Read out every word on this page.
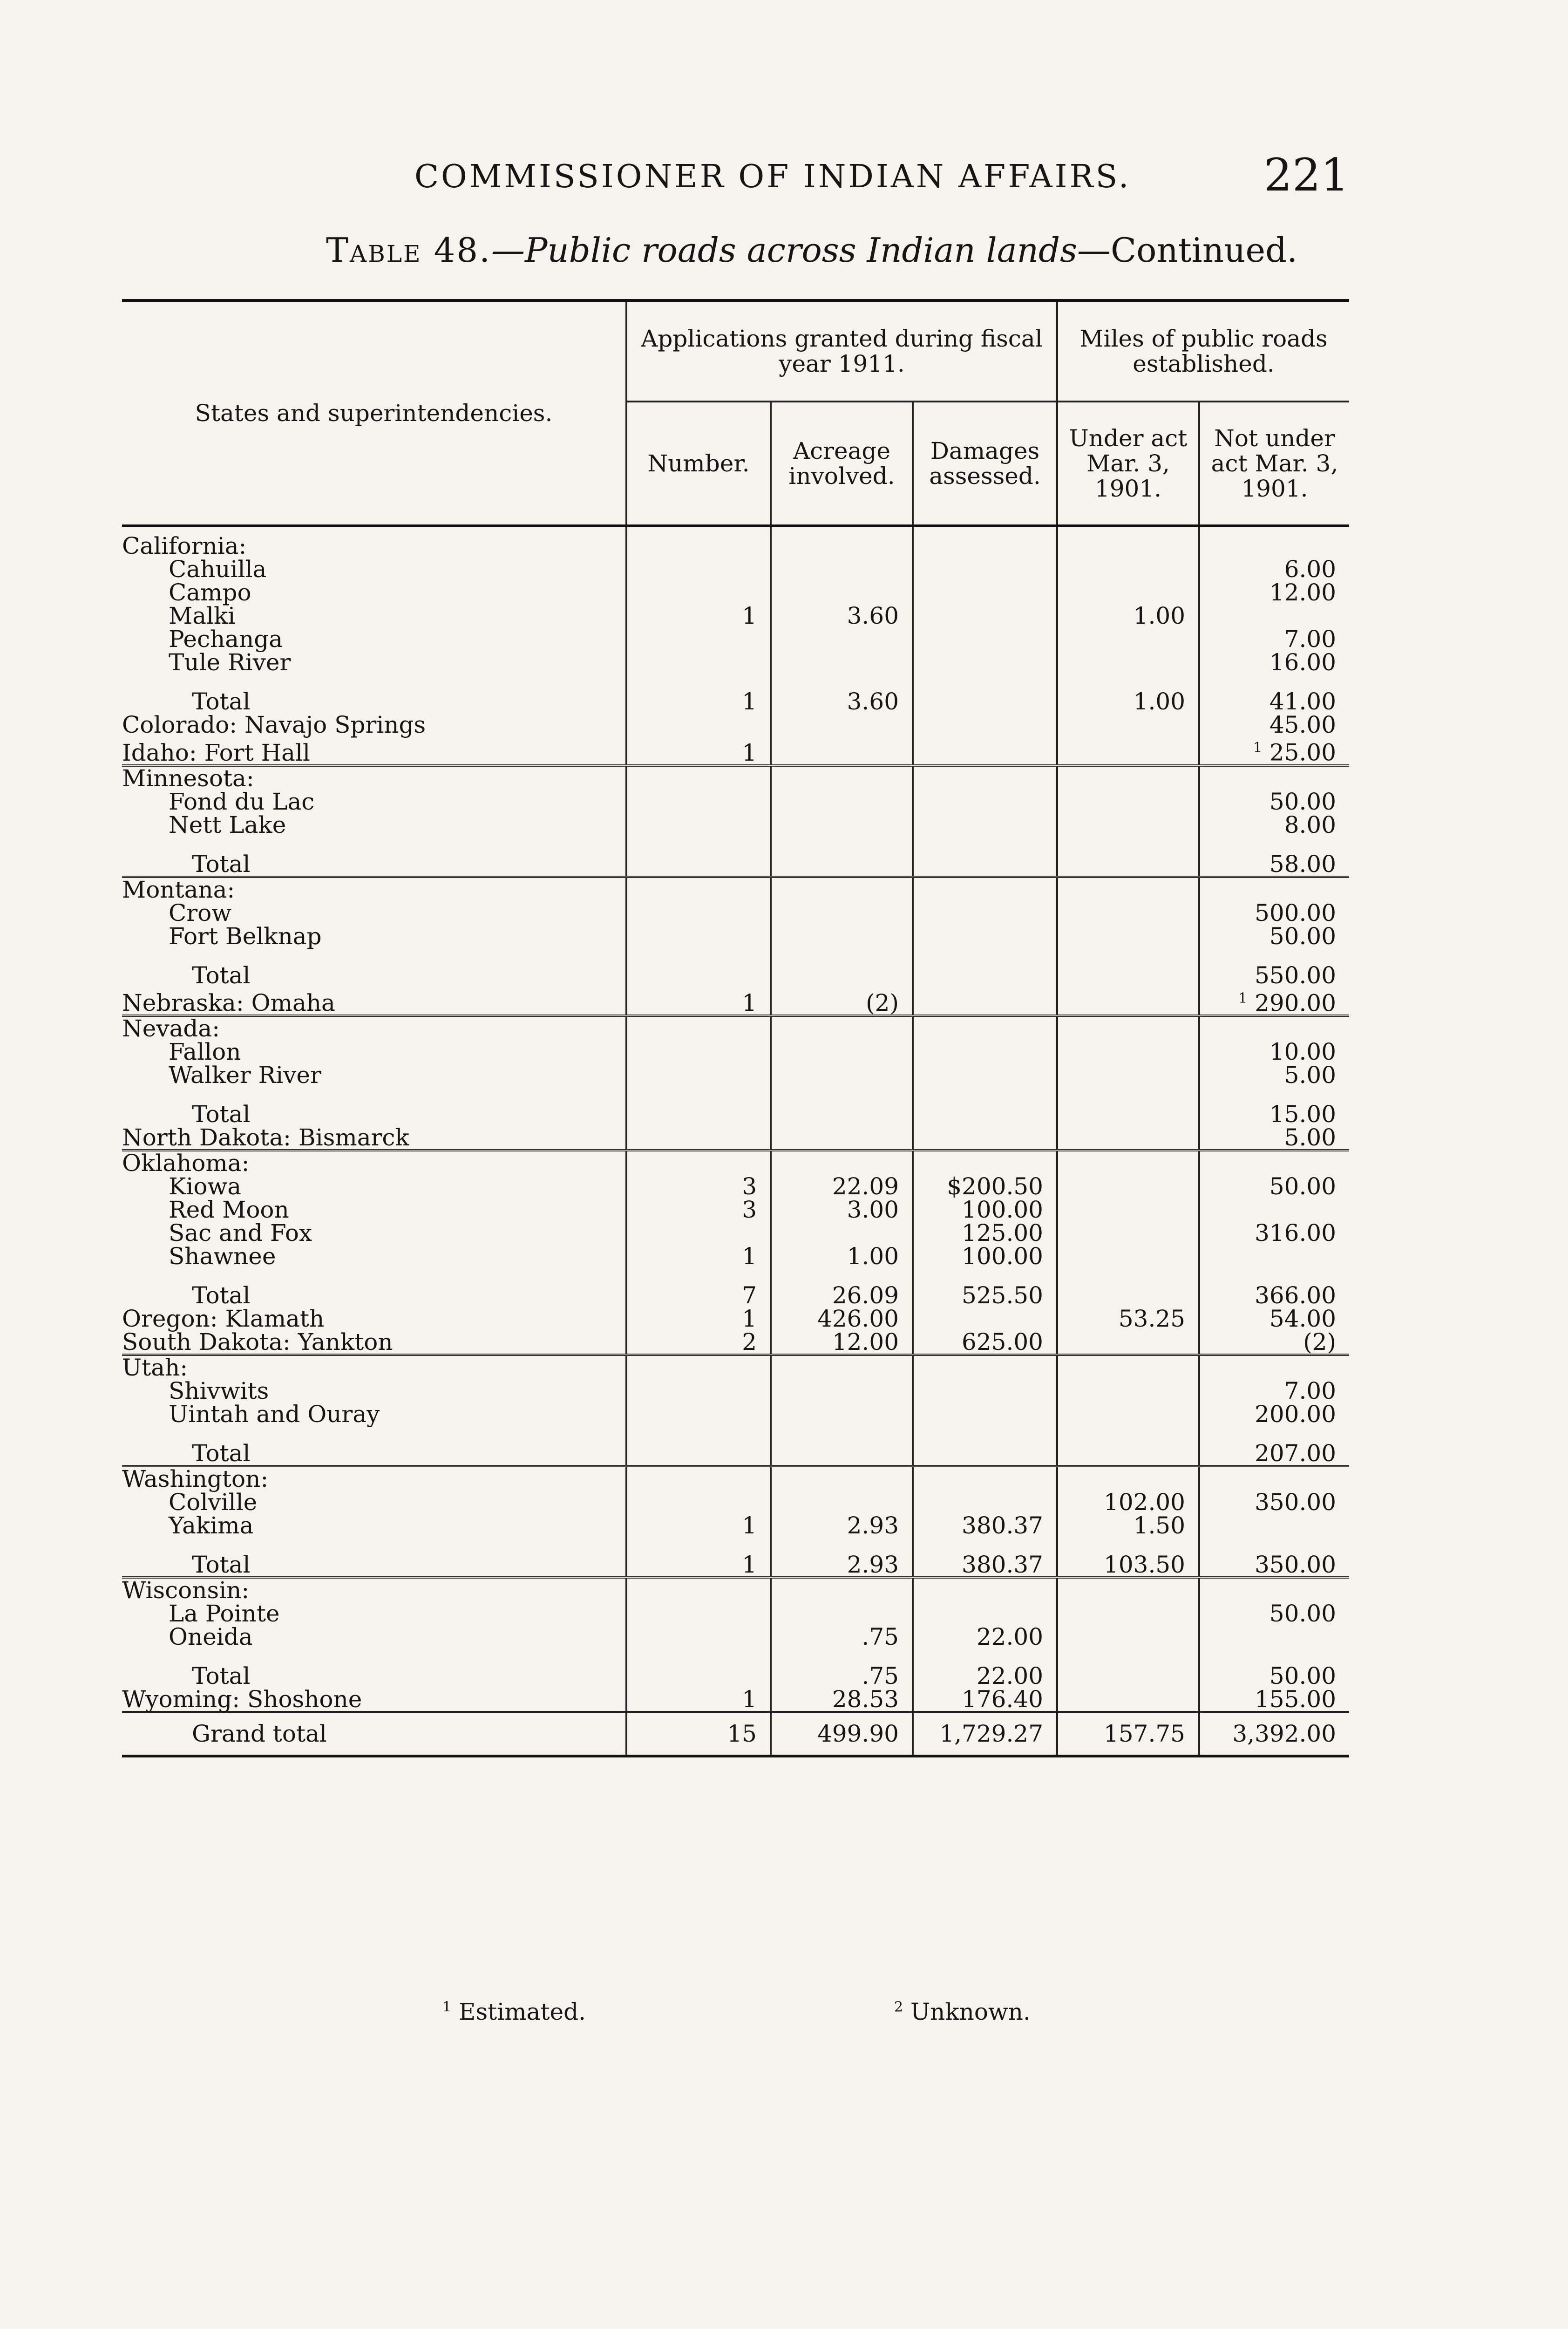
COMMISSIONER OF INDIAN AFFAIRS.	221
Table 48.—Public roads across Indian lands—Continued.
States and superintendencies.	Applications granted during fiscal year 1911.			Miles of public roads established.	
	Number.	Acreage involved.	Damages assessed.	Under act Mar. 3, 1901.	Not under act Mar. 3, 1901.
California:					
Cahuilla					6.00
Campo					12.00
Malki	1	3.60		1.00	
Pechanga					7.00
Tule River					16.00

Total	1	3.60		1.00	41.00
Colorado: Navajo Springs					45.00
Idaho: Fort Hall	1				$^1$ 25.00
Minnesota:					
Fond du Lac					50.00
Nett Lake					8.00

Total					58.00
Montana:					
Crow					500.00
Fort Belknap					50.00

Total					550.00
Nebraska: Omaha	1	(2)			$^1$ 290.00
Nevada:					
Fallon					10.00
Walker River					5.00

Total					15.00
North Dakota: Bismarck					5.00
Oklahoma:					
Kiowa	3	22.09	$200.50		50.00
Red Moon	3	3.00	100.00		
Sac and Fox			125.00		316.00
Shawnee	1	1.00	100.00		

Total	7	26.09	525.50		366.00
Oregon: Klamath	1	426.00		53.25	54.00
South Dakota: Yankton	2	12.00	625.00		(2)
Utah:					
Shivwits					7.00
Uintah and Ouray					200.00

Total					207.00
Washington:					
Colville				102.00	350.00
Yakima	1	2.93	380.37	1.50	

Total	1	2.93	380.37	103.50	350.00
Wisconsin:					
La Pointe					50.00
Oneida		.75	22.00		

Total		.75	22.00		50.00
Wyoming: Shoshone	1	28.53	176.40		155.00
Grand total	15	499.90	1,729.27	157.75	3,392.00
$^1$ Estimated.	$^2$ Unknown.
